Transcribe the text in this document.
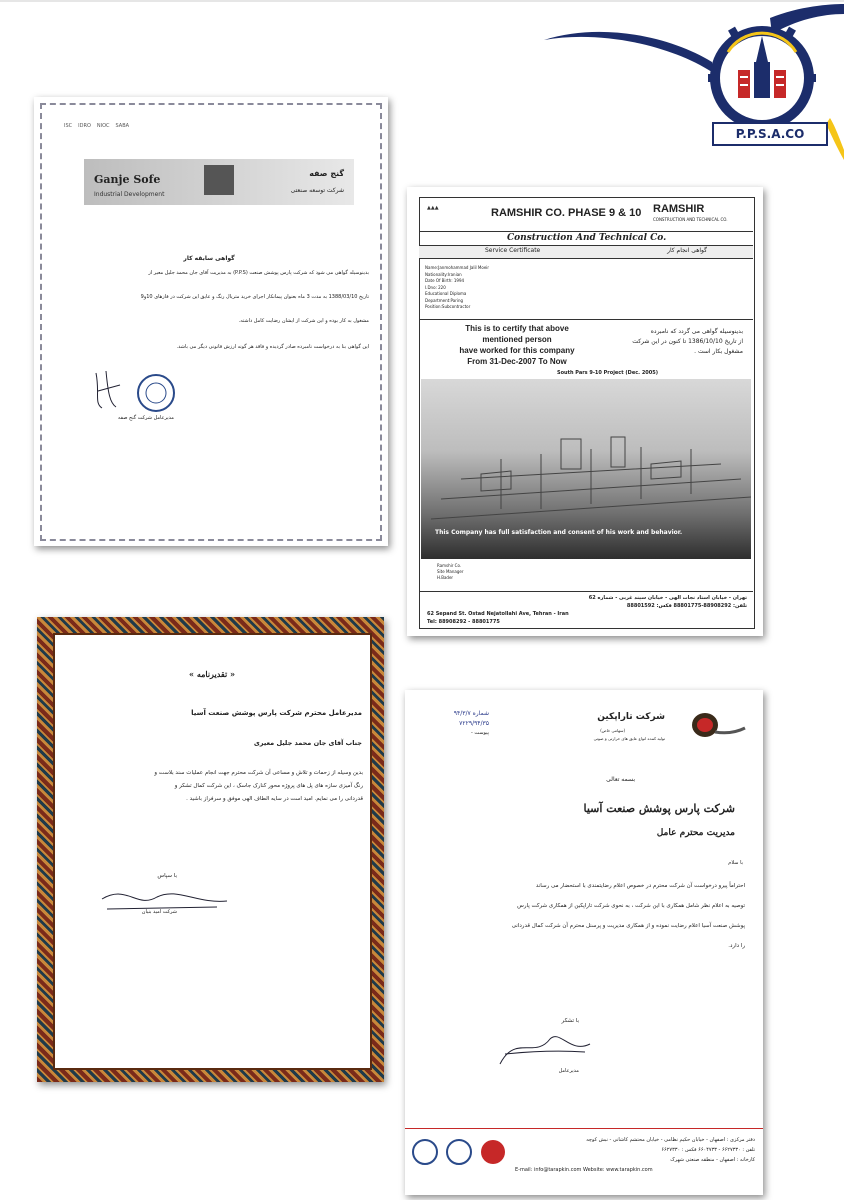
P.P.S.A.CO
ISC IDRO NIOC SABA
Ganje Sofe
Industrial Development
گنج صفه
شرکت توسعه صنعتی
گواهی سابقه کار
بدینوسیله گواهی می شود که شرکت پارس پوشش صنعت (P.P.S) به مدیریت آقای جان محمد جلیل معیر از
تاریخ 1388/03/10 به مدت 3 ماه بعنوان پیمانکار اجرای خرید متریال رنگ و عایق این شرکت در فازهای 10و9
مشغول به کار بوده و این شرکت از ایشان رضایت کامل داشته.
این گواهی بنا به درخواست نامبرده صادر گردیده و فاقد هر گونه ارزش قانونی دیگر می باشد.
مدیرعامل شرکت گنج صفه
▲▲▲	RAMSHIR CO. PHASE 9 & 10 RAMSHIR
CONSTRUCTION AND TECHNICAL CO.
Construction And Technical Co.
Service Certificate	گواهی انجام کار
Name:Janmohammad Jalil Moeir
Nationality:Iranian
Date Of Birth: 1994
I.Dno: 220
Educational Diploma
Department:Paring
Position:Subcontractor
This is to certify that above
mentioned person
have worked for this company
From 31-Dec-2007 To Now
بدینوسیله گواهی می گردد که نامبرده
از تاریخ 1386/10/10 تا کنون در این شرکت
مشغول بکار است .
South Pars 9-10 Project (Dec. 2005)
This Company has full satisfaction and consent of his work and behavior.
Ramshir Co.
Site Manager
H.Bader
تهران - خیابان استاد نجات الهی - خیابان سپند غربی - شماره 62
تلفن: 88908292-88801775 فکس: 88801592
62 Sepand St. Ostad Nejatollahi Ave, Tehran - Iran
Tel: 88908292 - 88801775
« تقدیرنامه »
مدیرعامل محترم شرکت پارس پوشش صنعت آسیا
جناب آقای جان محمد جلیل معیری
بدین وسیله از زحمات و تلاش و مساعی آن شرکت محترم جهت انجام عملیات سند بلاست و
رنگ آمیزی سازه های پل های پروژه محور کنارک جاسک ، این شرکت کمال تشکر و
قدردانی را می نمایم. امید است در سایه الطاف الهی موفق و سرفراز باشید .
با سپاس
شرکت امید بنیان
شماره ۹۴/۳/۷
۷۲۲۹/۹۴/۳۵
پیوست -
شرکت تاراپکین
(سهامی خاص)
تولید کننده انواع عایق های حرارتی و صوتی
بسمه تعالی
شرکت پارس پوشش صنعت آسیا
مدیریت محترم عامل
با سلام
احتراماً پیرو درخواست آن شرکت محترم در خصوص اعلام رضایتمندی با استحضار می رساند
توصیه به اعلام نظر شامل همکاری با این شرکت ، به نحوی شرکت تاراپکین از همکاری شرکت پارس
پوشش صنعت آسیا اعلام رضایت نموده و از همکاری مدیریت و پرسنل محترم آن شرکت کمال قدردانی
را دارد.
با تشکر
مدیرعامل
دفتر مرکزی : اصفهان - خیابان حکیم نظامی - خیابان محتشم کاشانی - نبش کوچه
تلفن : ۶۶۲۷۳۳۰ - ۶۶۰۴۷۳۳ فکس : ۶۶۲۷۳۳۰
کارخانه : اصفهان - منطقه صنعتی شهرک
E-mail: info@tarapkin.com Website: www.tarapkin.com
